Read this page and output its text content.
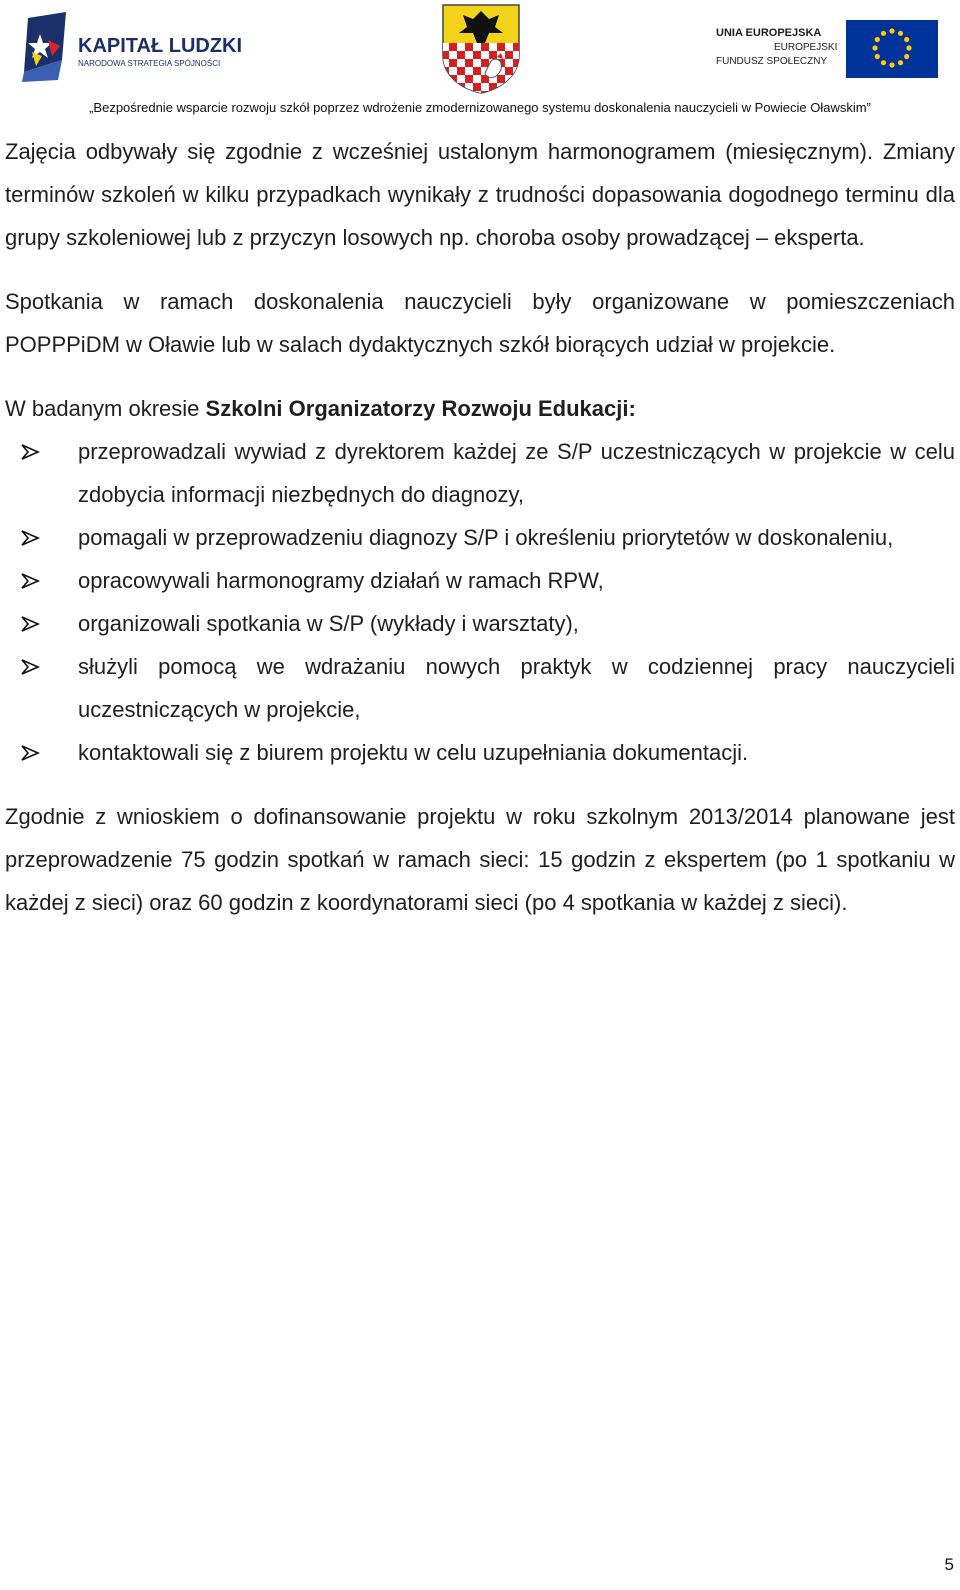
KAPITAŁ LUDZKI
NARODOWA STRATEGIA SPÓJNOŚCI
UNIA EUROPEJSKA
EUROPEJSKI
FUNDUSZ SPOŁECZNY
„Bezpośrednie wsparcie rozwoju szkół poprzez wdrożenie zmodernizowanego systemu doskonalenia nauczycieli w Powiecie Oławskim”

Zajęcia odbywały się zgodnie z wcześniej ustalonym harmonogramem (miesięcznym). Zmiany terminów szkoleń w kilku przypadkach wynikały z trudności dopasowania dogodnego terminu dla grupy szkoleniowej lub z przyczyn losowych np. choroba osoby prowadzącej – eksperta.

Spotkania w ramach doskonalenia nauczycieli były organizowane w pomieszczeniach POPPPiDM w Oławie lub w salach dydaktycznych szkół biorących udział w projekcie.

W badanym okresie Szkolni Organizatorzy Rozwoju Edukacji:

przeprowadzali wywiad z dyrektorem każdej ze S/P uczestniczących w projekcie w celu zdobycia informacji niezbędnych do diagnozy,
pomagali w przeprowadzeniu diagnozy S/P i określeniu priorytetów w doskonaleniu,
opracowywali harmonogramy działań w ramach RPW,
organizowali spotkania w S/P (wykłady i warsztaty),
służyli pomocą we wdrażaniu nowych praktyk w codziennej pracy nauczycieli uczestniczących w projekcie,
kontaktowali się z biurem projektu w celu uzupełniania dokumentacji.

Zgodnie z wnioskiem o dofinansowanie projektu w roku szkolnym 2013/2014 planowane jest przeprowadzenie 75 godzin spotkań w ramach sieci: 15 godzin z ekspertem (po 1 spotkaniu w każdej z sieci) oraz 60 godzin z koordynatorami sieci (po 4 spotkania w każdej z sieci).

5
